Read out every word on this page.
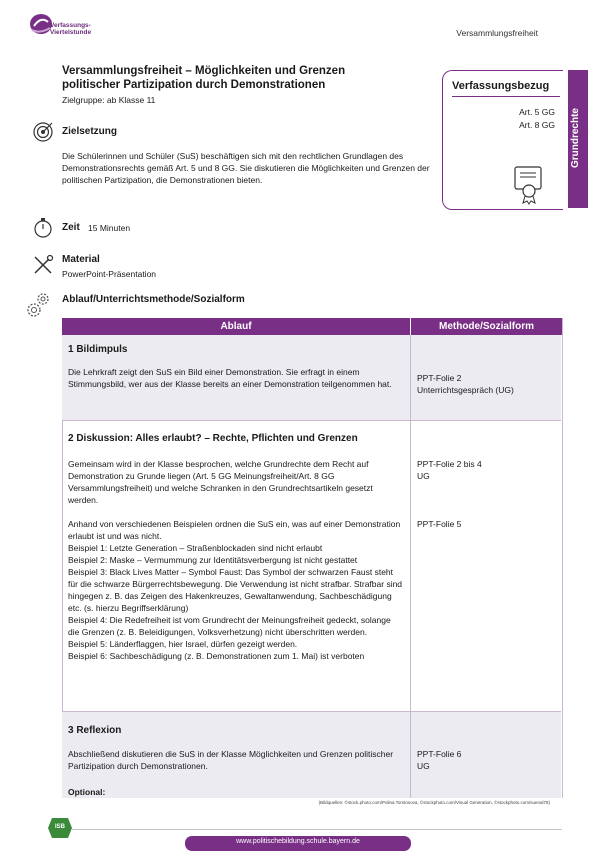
Verfassungs-
Viertelstunde	Versammlungsfreiheit
Versammlungsfreiheit – Möglichkeiten und Grenzen politischer Partizipation durch Demonstrationen
Zielgruppe: ab Klasse 11
Verfassungsbezug
Art. 5 GG
Art. 8 GG Grundrechte
Zielsetzung
Die Schülerinnen und Schüler (SuS) beschäftigen sich mit den rechtlichen Grundlagen des Demonstrationsrechts gemäß Art. 5 und 8 GG. Sie diskutieren die Möglichkeiten und Grenzen der politischen Partizipation, die Demonstrationen bieten.
Zeit 15 Minuten
Material
PowerPoint-Präsentation
Ablauf/Unterrichtsmethode/Sozialform
Ablauf	Methode/Sozialform
1 Bildimpuls
Die Lehrkraft zeigt den SuS ein Bild einer Demonstration. Sie erfragt in einem Stimmungsbild, wer aus der Klasse bereits an einer Demonstration teilgenommen hat.
PPT-Folie 2
Unterrichtsgespräch (UG)
2 Diskussion: Alles erlaubt? – Rechte, Pflichten und Grenzen
Gemeinsam wird in der Klasse besprochen, welche Grundrechte dem Recht auf Demonstration zu Grunde liegen (Art. 5 GG Meinungsfreiheit/Art. 8 GG Versammlungsfreiheit) und welche Schranken in den Grundrechtsartikeln gesetzt werden.
PPT-Folie 2 bis 4
UG
Anhand von verschiedenen Beispielen ordnen die SuS ein, was auf einer Demonstration erlaubt ist und was nicht.
PPT-Folie 5
Beispiel 1: Letzte Generation – Straßenblockaden sind nicht erlaubt
Beispiel 2: Maske – Vermummung zur Identitätsverbergung ist nicht gestattet
Beispiel 3: Black Lives Matter – Symbol Faust: Das Symbol der schwarzen Faust steht für die schwarze Bürgerrechtsbewegung. Die Verwendung ist nicht strafbar. Strafbar sind hingegen z. B. das Zeigen des Hakenkreuzes, Gewaltanwendung, Sachbeschädigung etc. (s. hierzu Begriffserklärung)
Beispiel 4: Die Redefreiheit ist vom Grundrecht der Meinungsfreiheit gedeckt, solange die Grenzen (z. B. Beleidigungen, Volksverhetzung) nicht überschritten werden.
Beispiel 5: Länderflaggen, hier Israel, dürfen gezeigt werden.
Beispiel 6: Sachbeschädigung (z. B. Demonstrationen zum 1. Mai) ist verboten
3 Reflexion
Abschließend diskutieren die SuS in der Klasse Möglichkeiten und Grenzen politischer Partizipation durch Demonstrationen.
Optional:
PPT-Folie 6
UG
(Bildquellen: ©stock.photo.com/Polina Tomtosova, ©stockphoto.com/Visual Generation, ©stockphoto.com/suenal78)
ISB
www.politischebildung.schule.bayern.de
